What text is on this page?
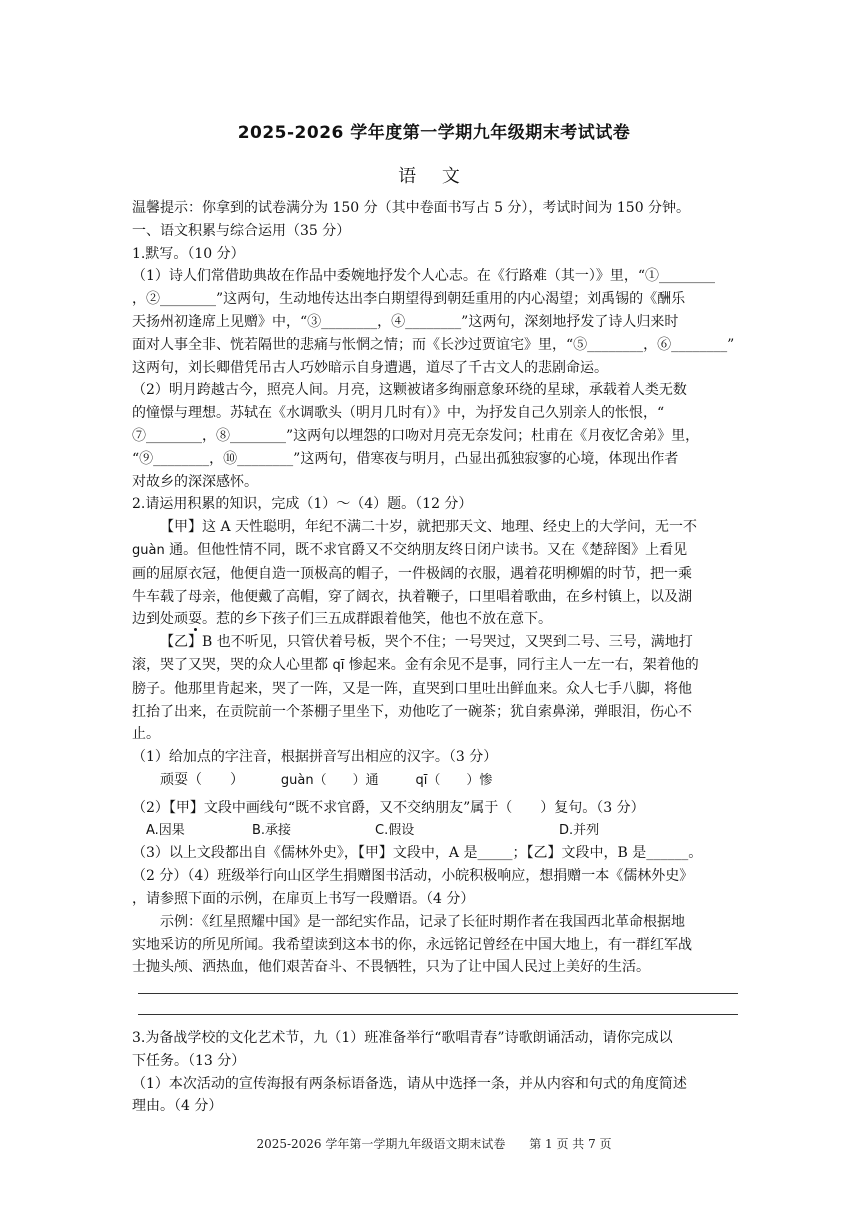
2025-2026 学年度第一学期九年级期末考试试卷
语 文

温馨提示：你拿到的试卷满分为 150 分（其中卷面书写占 5 分），考试时间为 150 分钟。

一、语文积累与综合运用（35 分）

1.默写。（10 分）

（1）诗人们常借助典故在作品中委婉地抒发个人心志。在《行路难（其一）》里，“①________

，②________”这两句，生动地传达出李白期望得到朝廷重用的内心渴望；刘禹锡的《酬乐

天扬州初逢席上见赠》中，“③________，④________”这两句，深刻地抒发了诗人归来时

面对人事全非、恍若隔世的悲痛与怅惘之情；而《长沙过贾谊宅》里，“⑤________，⑥________”

这两句，刘长卿借凭吊古人巧妙暗示自身遭遇，道尽了千古文人的悲剧命运。

（2）明月跨越古今，照亮人间。月亮，这颗被诸多绚丽意象环绕的星球，承载着人类无数

的憧憬与理想。苏轼在《水调歌头（明月几时有）》中，为抒发自己久别亲人的怅恨，“

⑦________，⑧________”这两句以埋怨的口吻对月亮无奈发问；杜甫在《月夜忆舍弟》里，

“⑨________，⑩________”这两句，借寒夜与明月，凸显出孤独寂寥的心境，体现出作者

对故乡的深深感怀。

2.请运用积累的知识，完成（1）～（4）题。（12 分）

【甲】这 A 天性聪明，年纪不满二十岁，就把那天文、地理、经史上的大学问，无一不

guàn 通。但他性情不同，既不求官爵又不交纳朋友终日闭户读书。又在《楚辞图》上看见

画的屈原衣冠，他便自造一顶极高的帽子，一件极阔的衣服，遇着花明柳媚的时节，把一乘

牛车载了母亲，他便戴了高帽，穿了阔衣，执着鞭子，口里唱着歌曲，在乡村镇上，以及湖

边到处顽耍。惹的乡下孩子们三五成群跟着他笑，他也不放在意下。

【乙】B 也不听见，只管伏着号板，哭个不住；一号哭过，又哭到二号、三号，满地打

滚，哭了又哭，哭的众人心里都 qī 惨起来。金有余见不是事，同行主人一左一右，架着他的

膀子。他那里肯起来，哭了一阵，又是一阵，直哭到口里吐出鲜血来。众人七手八脚，将他

扛抬了出来，在贡院前一个茶棚子里坐下，劝他吃了一碗茶；犹自索鼻涕，弹眼泪，伤心不

止。

（1）给加点的字注音，根据拼音写出相应的汉字。（3 分）

顽耍（　　）	guàn（　　）通	qī（　　）惨

（2）【甲】文段中画线句“既不求官爵，又不交纳朋友”属于（　　）复句。（3 分）

A.因果	B.承接	C.假设	D.并列

（3）以上文段都出自《儒林外史》，【甲】文段中，A 是_____；【乙】文段中，B 是______。

（2 分）（4）班级举行向山区学生捐赠图书活动，小皖积极响应，想捐赠一本《儒林外史》

，请参照下面的示例，在扉页上书写一段赠语。（4 分）

示例：《红星照耀中国》是一部纪实作品，记录了长征时期作者在我国西北革命根据地

实地采访的所见所闻。我希望读到这本书的你，永远铭记曾经在中国大地上，有一群红军战

士抛头颅、洒热血，他们艰苦奋斗、不畏牺牲，只为了让中国人民过上美好的生活。

3.为备战学校的文化艺术节，九（1）班准备举行“歌唱青春”诗歌朗诵活动，请你完成以

下任务。（13 分）

（1）本次活动的宣传海报有两条标语备选，请从中选择一条，并从内容和句式的角度简述

理由。（4 分）

2025-2026 学年第一学期九年级语文期末试卷 第 1 页 共 7 页
